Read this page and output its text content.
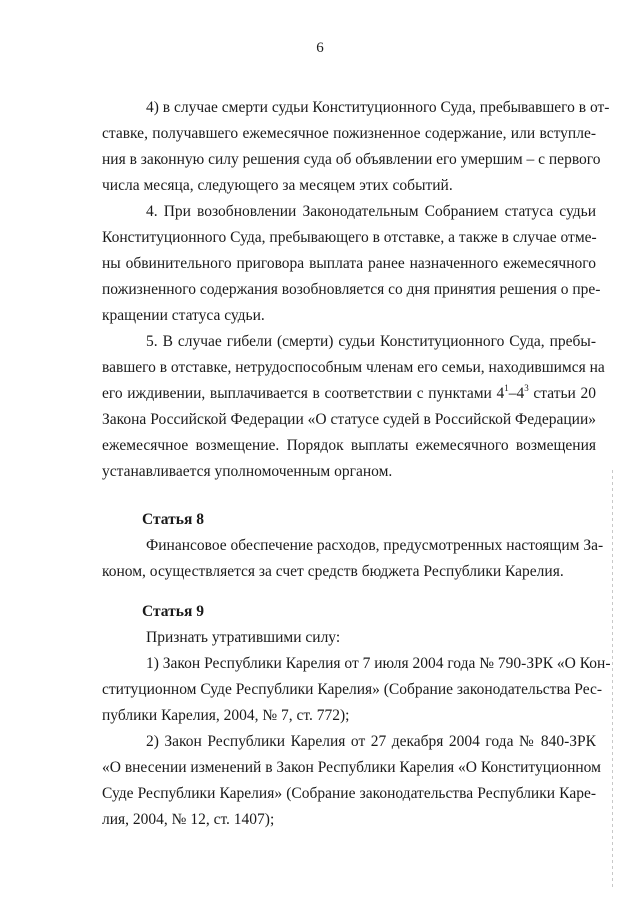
6
4) в случае смерти судьи Конституционного Суда, пребывавшего в от-
ставке, получавшего ежемесячное пожизненное содержание, или вступле-
ния в законную силу решения суда об объявлении его умершим – с первого
числа месяца, следующего за месяцем этих событий.
4. При возобновлении Законодательным Собранием статуса судьи
Конституционного Суда, пребывающего в отставке, а также в случае отме-
ны обвинительного приговора выплата ранее назначенного ежемесячного
пожизненного содержания возобновляется со дня принятия решения о пре-
кращении статуса судьи.
5. В случае гибели (смерти) судьи Конституционного Суда, пребы-
вавшего в отставке, нетрудоспособным членам его семьи, находившимся на
его иждивении, выплачивается в соответствии с пунктами $4^1-4^3$ статьи 20
Закона Российской Федерации «О статусе судей в Российской Федерации»
ежемесячное возмещение. Порядок выплаты ежемесячного возмещения
устанавливается уполномоченным органом.
Статья 8
Финансовое обеспечение расходов, предусмотренных настоящим За-
коном, осуществляется за счет средств бюджета Республики Карелия.
Статья 9
Признать утратившими силу:
1) Закон Республики Карелия от 7 июля 2004 года № 790-ЗРК «О Кон-
ституционном Суде Республики Карелия» (Собрание законодательства Рес-
публики Карелия, 2004, № 7, ст. 772);
2) Закон Республики Карелия от 27 декабря 2004 года № 840-ЗРК
«О внесении изменений в Закон Республики Карелия «О Конституционном
Суде Республики Карелия» (Собрание законодательства Республики Каре-
лия, 2004, № 12, ст. 1407);
